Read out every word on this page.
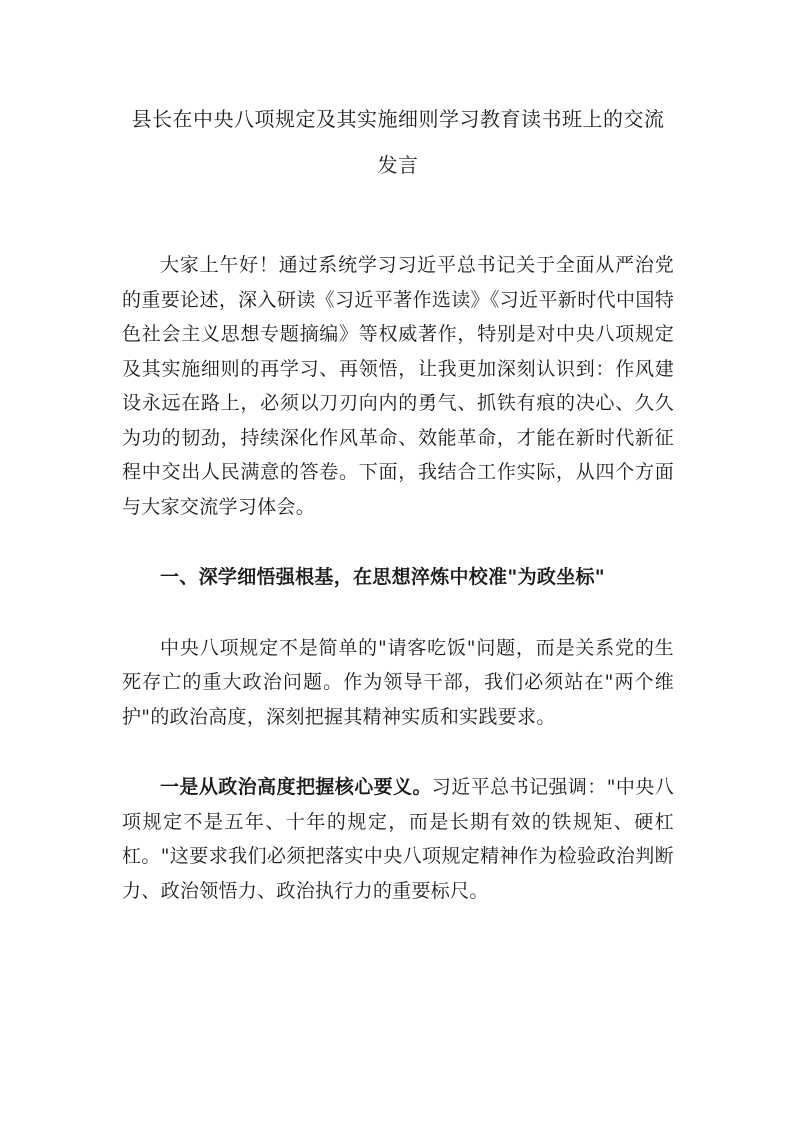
县长在中央八项规定及其实施细则学习教育读书班上的交流发言

大家上午好！通过系统学习习近平总书记关于全面从严治党的重要论述，深入研读《习近平著作选读》《习近平新时代中国特色社会主义思想专题摘编》等权威著作，特别是对中央八项规定及其实施细则的再学习、再领悟，让我更加深刻认识到：作风建设永远在路上，必须以刀刃向内的勇气、抓铁有痕的决心、久久为功的韧劲，持续深化作风革命、效能革命，才能在新时代新征程中交出人民满意的答卷。下面，我结合工作实际，从四个方面与大家交流学习体会。

一、深学细悟强根基，在思想淬炼中校准"为政坐标"

中央八项规定不是简单的"请客吃饭"问题，而是关系党的生死存亡的重大政治问题。作为领导干部，我们必须站在"两个维护"的政治高度，深刻把握其精神实质和实践要求。

一是从政治高度把握核心要义。习近平总书记强调："中央八项规定不是五年、十年的规定，而是长期有效的铁规矩、硬杠杠。"这要求我们必须把落实中央八项规定精神作为检验政治判断力、政治领悟力、政治执行力的重要标尺。
